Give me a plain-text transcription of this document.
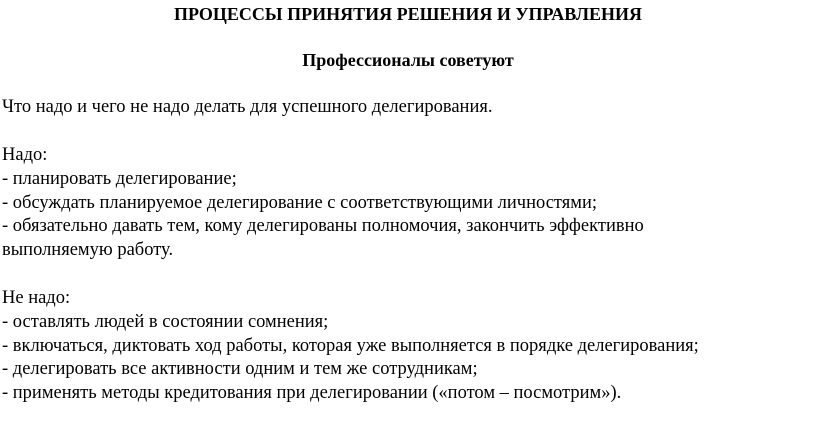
ПРОЦЕССЫ ПРИНЯТИЯ РЕШЕНИЯ И УПРАВЛЕНИЯ
Профессионалы советуют
Что надо и чего не надо делать для успешного делегирования.
Надо:
- планировать делегирование;
- обсуждать планируемое делегирование с соответствующими личностями;
- обязательно давать тем, кому делегированы полномочия, закончить эффективно
выполняемую работу.
Не надо:
- оставлять людей в состоянии сомнения;
- включаться, диктовать ход работы, которая уже выполняется в порядке делегирования;
- делегировать все активности одним и тем же сотрудникам;
- применять методы кредитования при делегировании («потом – посмотрим»).
